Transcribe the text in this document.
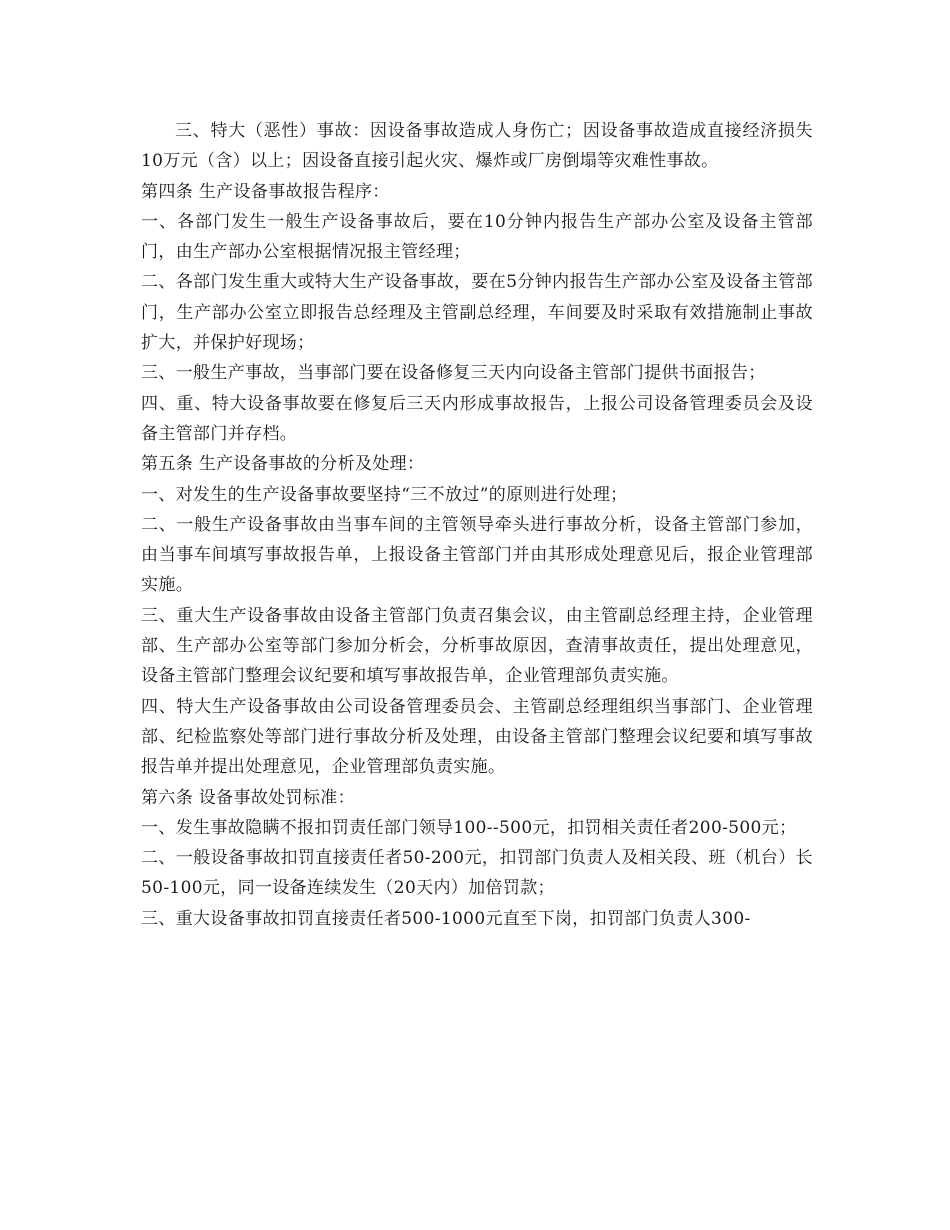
三、特大（恶性）事故：因设备事故造成人身伤亡；因设备事故造成直接经济损失10万元（含）以上；因设备直接引起火灾、爆炸或厂房倒塌等灾难性事故。

第四条 生产设备事故报告程序：

一、各部门发生一般生产设备事故后，要在10分钟内报告生产部办公室及设备主管部门，由生产部办公室根据情况报主管经理；

二、各部门发生重大或特大生产设备事故，要在5分钟内报告生产部办公室及设备主管部门，生产部办公室立即报告总经理及主管副总经理，车间要及时采取有效措施制止事故扩大，并保护好现场；

三、一般生产事故，当事部门要在设备修复三天内向设备主管部门提供书面报告；

四、重、特大设备事故要在修复后三天内形成事故报告，上报公司设备管理委员会及设备主管部门并存档。

第五条 生产设备事故的分析及处理：

一、对发生的生产设备事故要坚持“三不放过”的原则进行处理；

二、一般生产设备事故由当事车间的主管领导牵头进行事故分析，设备主管部门参加，由当事车间填写事故报告单，上报设备主管部门并由其形成处理意见后，报企业管理部实施。

三、重大生产设备事故由设备主管部门负责召集会议，由主管副总经理主持，企业管理部、生产部办公室等部门参加分析会，分析事故原因，查清事故责任，提出处理意见，设备主管部门整理会议纪要和填写事故报告单，企业管理部负责实施。

四、特大生产设备事故由公司设备管理委员会、主管副总经理组织当事部门、企业管理部、纪检监察处等部门进行事故分析及处理，由设备主管部门整理会议纪要和填写事故报告单并提出处理意见，企业管理部负责实施。

第六条 设备事故处罚标准：

一、发生事故隐瞒不报扣罚责任部门领导100--500元，扣罚相关责任者200-500元；

二、一般设备事故扣罚直接责任者50-200元，扣罚部门负责人及相关段、班（机台）长50-100元，同一设备连续发生（20天内）加倍罚款；

三、重大设备事故扣罚直接责任者500-1000元直至下岗，扣罚部门负责人300-
